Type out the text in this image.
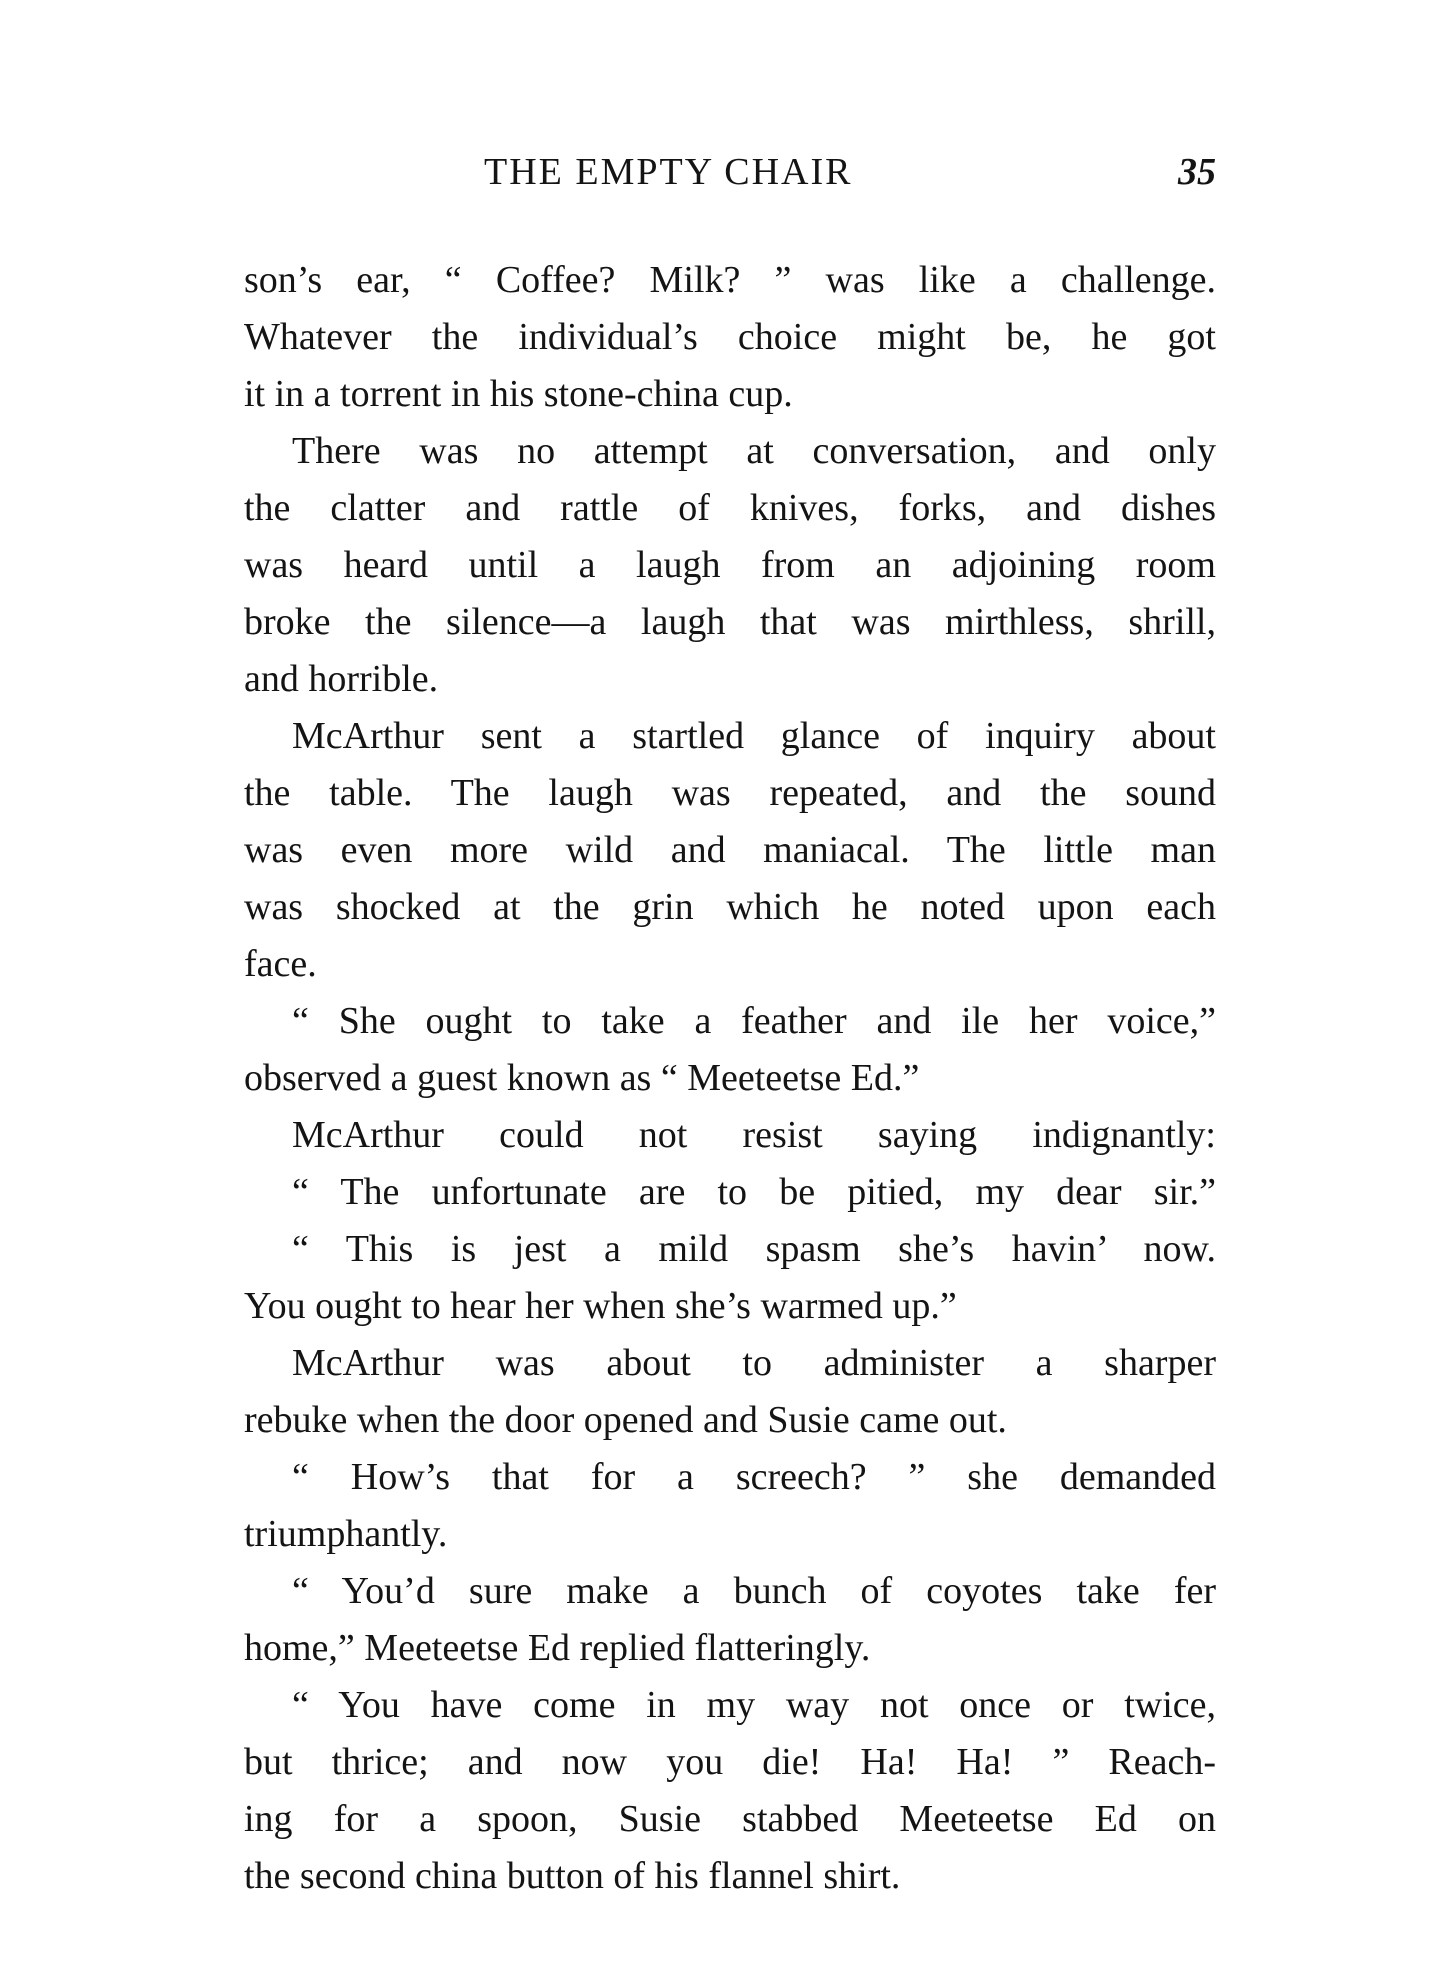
THE EMPTY CHAIR	35
son’s ear, “ Coffee? Milk? ” was like a challenge.
Whatever the individual’s choice might be, he got
it in a torrent in his stone-china cup.
There was no attempt at conversation, and only
the clatter and rattle of knives, forks, and dishes
was heard until a laugh from an adjoining room
broke the silence—a laugh that was mirthless, shrill,
and horrible.
McArthur sent a startled glance of inquiry about
the table. The laugh was repeated, and the sound
was even more wild and maniacal. The little man
was shocked at the grin which he noted upon each
face.
“ She ought to take a feather and ile her voice,”
observed a guest known as “ Meeteetse Ed.”
McArthur could not resist saying indignantly:
“ The unfortunate are to be pitied, my dear sir.”
“ This is jest a mild spasm she’s havin’ now.
You ought to hear her when she’s warmed up.”
McArthur was about to administer a sharper
rebuke when the door opened and Susie came out.
“ How’s that for a screech? ” she demanded
triumphantly.
“ You’d sure make a bunch of coyotes take fer
home,” Meeteetse Ed replied flatteringly.
“ You have come in my way not once or twice,
but thrice; and now you die! Ha! Ha! ” Reach-
ing for a spoon, Susie stabbed Meeteetse Ed on
the second china button of his flannel shirt.
